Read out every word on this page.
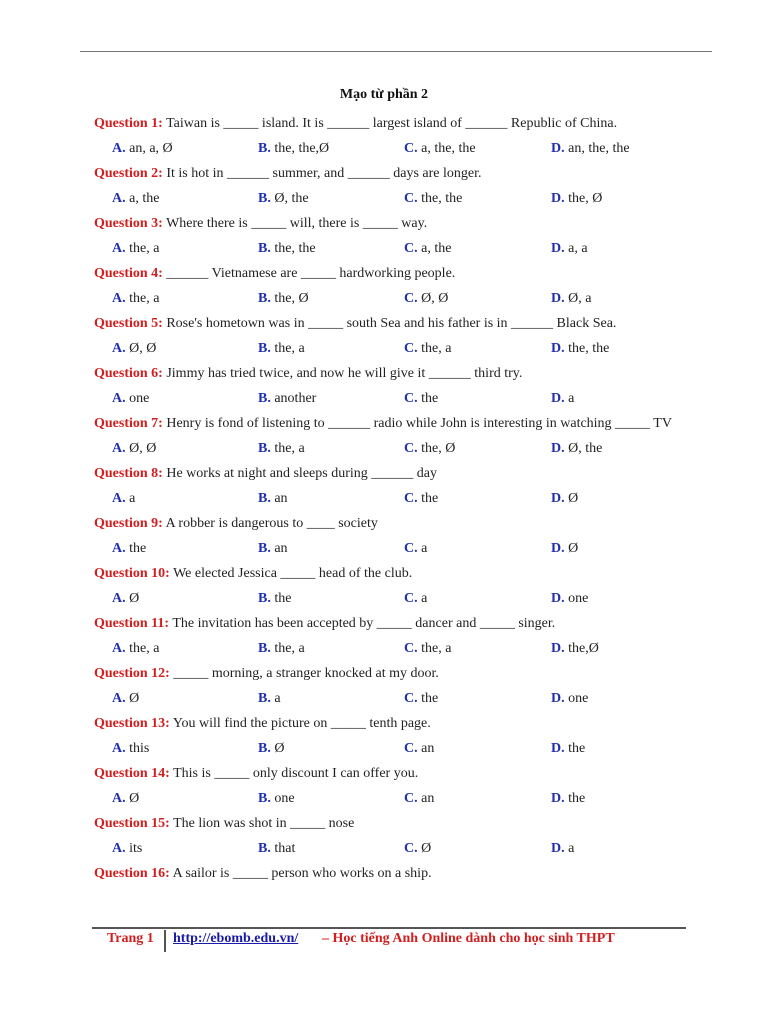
Mạo từ phần 2
Question 1: Taiwan is _____ island. It is ______ largest island of ______ Republic of China.
A. an, a, Ø	B. the, the,Ø	C. a, the, the	D. an, the, the
Question 2: It is hot in ______ summer, and ______ days are longer.
A. a, the	B. Ø, the	C. the, the	D. the, Ø
Question 3: Where there is _____ will, there is _____ way.
A. the, a	B. the, the	C. a, the	D. a, a
Question 4: ______ Vietnamese are _____ hardworking people.
A. the, a	B. the, Ø	C. Ø, Ø	D. Ø, a
Question 5: Rose's hometown was in _____ south Sea and his father is in ______ Black Sea.
A. Ø, Ø	B. the, a	C. the, a	D. the, the
Question 6: Jimmy has tried twice, and now he will give it ______ third try.
A. one	B. another	C. the	D. a
Question 7: Henry is fond of listening to ______ radio while John is interesting in watching _____ TV
A. Ø, Ø	B. the, a	C. the, Ø	D. Ø, the
Question 8: He works at night and sleeps during ______ day
A. a	B. an	C. the	D. Ø
Question 9: A robber is dangerous to ____ society
A. the	B. an	C. a	D. Ø
Question 10: We elected Jessica _____ head of the club.
A. Ø	B. the	C. a	D. one
Question 11: The invitation has been accepted by _____ dancer and _____ singer.
A. the, a	B. the, a	C. the, a	D. the,Ø
Question 12: _____ morning, a stranger knocked at my door.
A. Ø	B. a	C. the	D. one
Question 13: You will find the picture on _____ tenth page.
A. this	B. Ø	C. an	D. the
Question 14: This is _____ only discount I can offer you.
A. Ø	B. one	C. an	D. the
Question 15: The lion was shot in _____ nose
A. its	B. that	C. Ø	D. a
Question 16: A sailor is _____ person who works on a ship.
Trang 1 http://ebomb.edu.vn/ – Học tiếng Anh Online dành cho học sinh THPT
